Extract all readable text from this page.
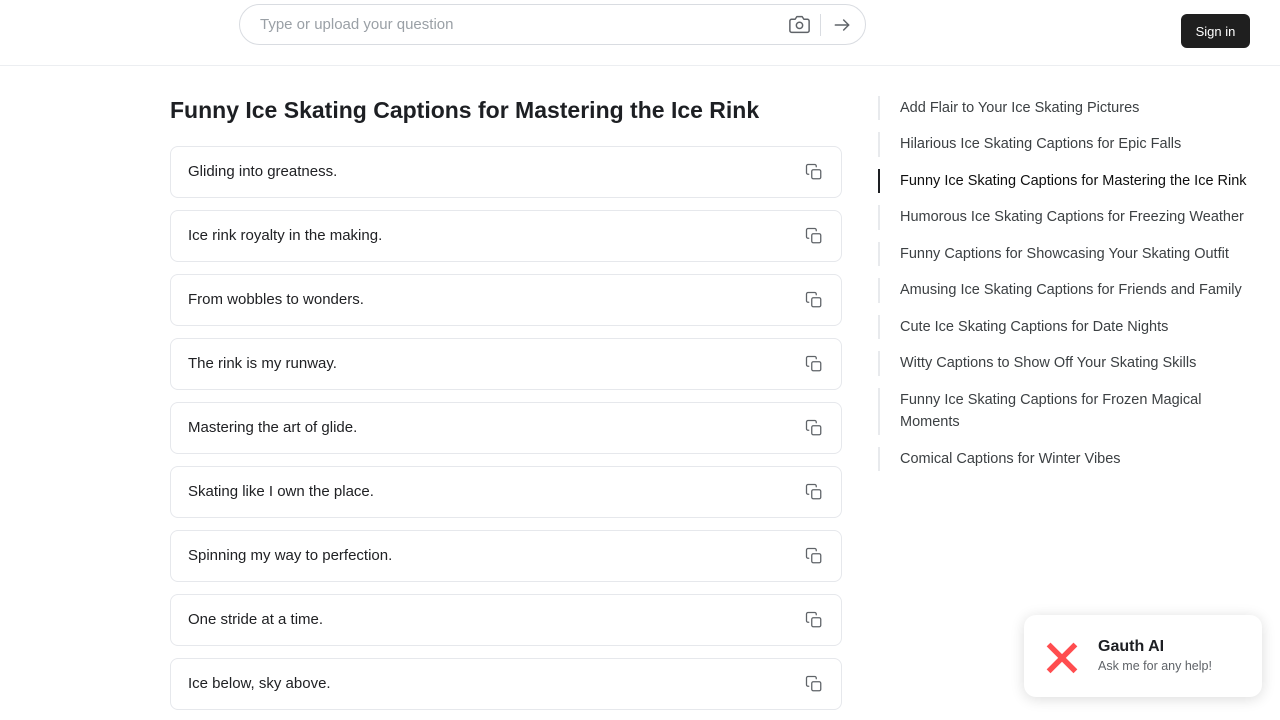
Type or upload your question
Sign in
Funny Ice Skating Captions for Mastering the Ice Rink
Gliding into greatness.
Ice rink royalty in the making.
From wobbles to wonders.
The rink is my runway.
Mastering the art of glide.
Skating like I own the place.
Spinning my way to perfection.
One stride at a time.
Ice below, sky above.
Add Flair to Your Ice Skating Pictures
Hilarious Ice Skating Captions for Epic Falls
Funny Ice Skating Captions for Mastering the Ice Rink
Humorous Ice Skating Captions for Freezing Weather
Funny Captions for Showcasing Your Skating Outfit
Amusing Ice Skating Captions for Friends and Family
Cute Ice Skating Captions for Date Nights
Witty Captions to Show Off Your Skating Skills
Funny Ice Skating Captions for Frozen Magical Moments
Comical Captions for Winter Vibes
Gauth AI
Ask me for any help!
